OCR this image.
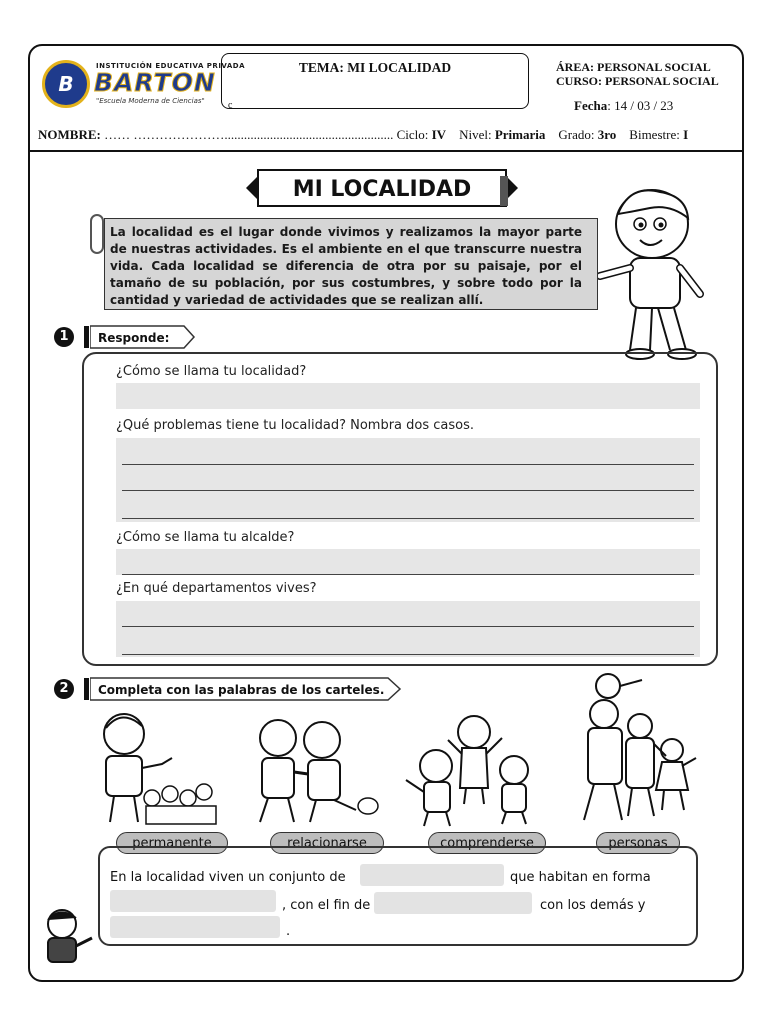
B
INSTITUCIÓN EDUCATIVA PRIVADA
BARTON
"Escuela Moderna de Ciencias"
TEMA: MI LOCALIDAD
c
ÁREA: PERSONAL SOCIAL
CURSO: PERSONAL SOCIAL
Fecha: 14 / 03 / 23
NOMBRE: …… ………………….................................................... Ciclo: IV Nivel: Primaria Grado: 3ro Bimestre: I
MI LOCALIDAD
La localidad es el lugar donde vivimos y realizamos la mayor parte de nuestras actividades. Es el ambiente en el que transcurre nuestra vida. Cada localidad se diferencia de otra por su paisaje, por el tamaño de su población, por sus costumbres, y sobre todo por la cantidad y variedad de actividades que se realizan allí.
1	Responde:
¿Cómo se llama tu localidad?
¿Qué problemas tiene tu localidad? Nombra dos casos.
¿Cómo se llama tu alcalde?
¿En qué departamentos vives?
2	Completa con las palabras de los carteles.
permanente	relacionarse	comprenderse	personas
En la localidad viven un conjunto de	que habitan en forma
, con el fin de	con los demás y
.
